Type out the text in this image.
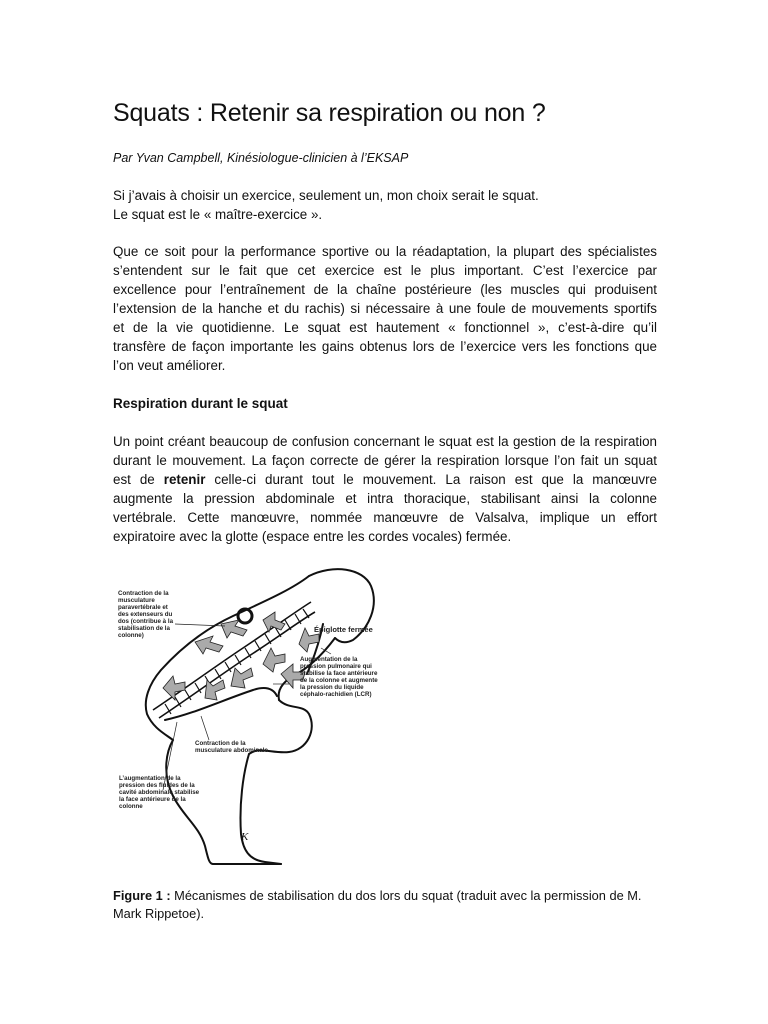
Squats : Retenir sa respiration ou non ?
Par Yvan Campbell, Kinésiologue-clinicien à l’EKSAP
Si j’avais à choisir un exercice, seulement un, mon choix serait le squat.
Le squat est le « maître-exercice ».
Que ce soit pour la performance sportive ou la réadaptation, la plupart des spécialistes
s’entendent sur le fait que cet exercice est le plus important. C’est l’exercice par
excellence pour l’entraînement de la chaîne postérieure (les muscles qui produisent
l’extension de la hanche et du rachis) si nécessaire à une foule de mouvements sportifs
et de la vie quotidienne. Le squat est hautement « fonctionnel », c’est-à-dire qu’il
transfère de façon importante les gains obtenus lors de l’exercice vers les fonctions que
l’on veut améliorer.
Respiration durant le squat
Un point créant beaucoup de confusion concernant le squat est la gestion de la respiration
durant le mouvement. La façon correcte de gérer la respiration lorsque l’on fait un squat
est de retenir celle-ci durant tout le mouvement. La raison est que la manœuvre
augmente la pression abdominale et intra thoracique, stabilisant ainsi la colonne
vertébrale. Cette manœuvre, nommée manœuvre de Valsalva, implique un effort
expiratoire avec la glotte (espace entre les cordes vocales) fermée.
Figure 1 : Mécanismes de stabilisation du dos lors du squat (traduit avec la permission de M. Mark Rippetoe).
K
Contraction de la
musculature
paravertébrale et
des extenseurs du
dos (contribue à la
stabilisation de la
colonne)
Épiglotte fermée
Augmentation de la
pression pulmonaire qui
stabilise la face antérieure
de la colonne et augmente
la pression du liquide
céphalo-rachidien (LCR)
Contraction de la
musculature abdominale
L’augmentation de la
pression des fluides de la
cavité abdominale stabilise
la face antérieure de la
colonne
